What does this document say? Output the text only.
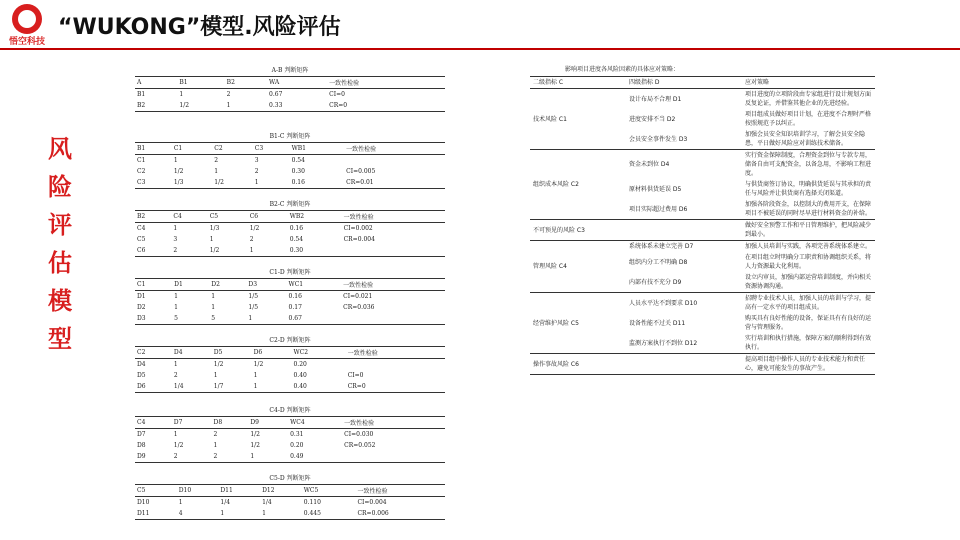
悟空科技
“WUKONG”模型.风险评估
风
险
评
估
模
型
A-B 判断矩阵
A	B1	B2	WA	一致性检验
B1	1	2	0.67	CI=0
B2	1/2	1	0.33	CR=0
B1-C 判断矩阵
B1	C1	C2	C3	WB1	一致性检验
C1	1	2	3	0.54	
C2	1/2	1	2	0.30	CI=0.005
C3	1/3	1/2	1	0.16	CR=0.01
B2-C 判断矩阵
B2	C4	C5	C6	WB2	一致性检验
C4	1	1/3	1/2	0.16	CI=0.002
C5	3	1	2	0.54	CR=0.004
C6	2	1/2	1	0.30	
C1-D 判断矩阵
C1	D1	D2	D3	WC1	一致性检验
D1	1	1	1/5	0.16	CI=0.021
D2	1	1	1/5	0.17	CR=0.036
D3	5	5	1	0.67	
C2-D 判断矩阵
C2	D4	D5	D6	WC2	一致性检验
D4	1	1/2	1/2	0.20	
D5	2	1	1	0.40	CI=0
D6	1/4	1/7	1	0.40	CR=0
C4-D 判断矩阵
C4	D7	D8	D9	WC4	一致性检验
D7	1	2	1/2	0.31	CI=0.030
D8	1/2	1	1/2	0.20	CR=0.052
D9	2	2	1	0.49	
C5-D 判断矩阵
C5	D10	D11	D12	WC5	一致性检验
D10	1	1/4	1/4	0.110	CI=0.004
D11	4	1	1	0.445	CR=0.006
影响项目进度各风险因素的具体应对策略：
二级指标 C	四级指标 D	应对策略
技术风险 C1	设计布局不合理 D1	项目进度的立项阶段由专家组进行设计规划方面反复论证，并借鉴其他企业的先进经验。
	进度安排不当 D2	项目组成员做好项目计划，在进度不合理时严格按照规范予以纠正。
	会员安全事件发生 D3	加强会员安全知识培训学习，了解会员安全隐患，平日做好风险应对训练技术储备。
组织成本风险 C2	资金未到位 D4	实行资金保障制度，合理资金到位与专款专用，储备自由可支配资金，以备急用，不影响工程进度。
	原材料供货延误 D5	与供货商签订协议，明确供货延误与其承担的责任与风险并让供货商有选择关闭渠道。
	项目实际超过费用 D6	加强各阶段资金，以控制大的费用开支，在保障项目不被延误的同时尽早进行材料资金的补给。
不可预见的风险 C3		做好安全预警工作和平日管理维护，把风险减少到最小。
管理风险 C4	系统体系未建立完善 D7	加强人员培训与实践，各项完善系统体系建立。
	组织内分工不明确 D8	在项目组立时明确分工职责和协调组织关系，将人力资源最大化利用。
	内部有技不充分 D9	设立内审员，加强内部运营培训制度，并向相关资源协调沟通。
经营维护风险 C5	人员水平达不到要求 D10	招聘专业技术人员，加强人员的培训与学习，提高有一定水平的项目组成员。
	设备性能不过关 D11	购买具有良好性能的设备，保证具有有良好的运营与管理服务。
	监测方案执行不到位 D12	实行培训和执行措施，保障方案的顺利得到有效执行。
操作事故风险 C6		提高项目组中操作人员的专业技术能力和责任心，避免可能发生的事故产生。
